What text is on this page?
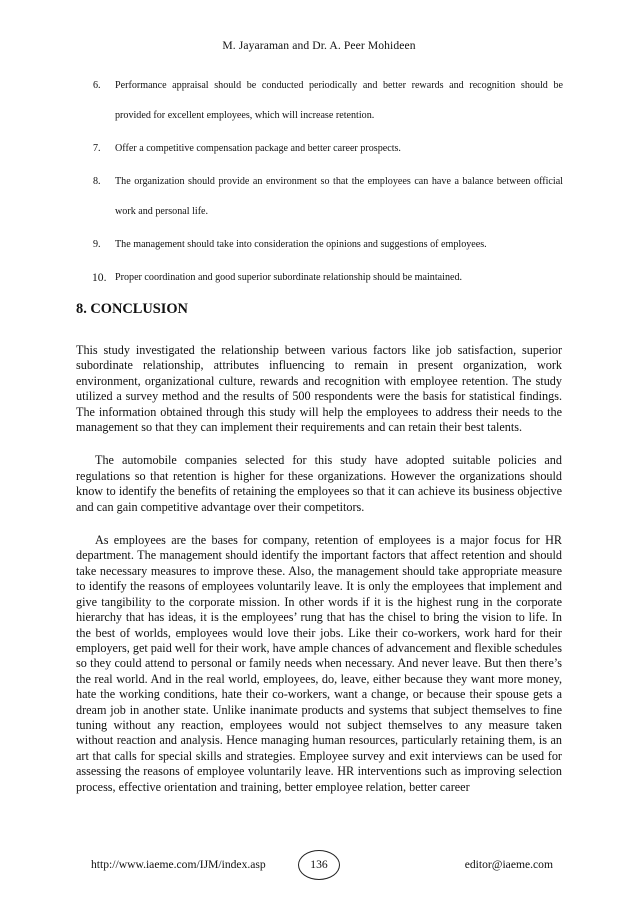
M. Jayaraman and Dr. A. Peer Mohideen
6. Performance appraisal should be conducted periodically and better rewards and recognition should be provided for excellent employees, which will increase retention.
7. Offer a competitive compensation package and better career prospects.
8. The organization should provide an environment so that the employees can have a balance between official work and personal life.
9. The management should take into consideration the opinions and suggestions of employees.
10. Proper coordination and good superior subordinate relationship should be maintained.
8. CONCLUSION

This study investigated the relationship between various factors like job satisfaction, superior subordinate relationship, attributes influencing to remain in present organization, work environment, organizational culture, rewards and recognition with employee retention. The study utilized a survey method and the results of 500 respondents were the basis for statistical findings. The information obtained through this study will help the employees to address their needs to the management so that they can implement their requirements and can retain their best talents.

The automobile companies selected for this study have adopted suitable policies and regulations so that retention is higher for these organizations. However the organizations should know to identify the benefits of retaining the employees so that it can achieve its business objective and can gain competitive advantage over their competitors.

As employees are the bases for company, retention of employees is a major focus for HR department. The management should identify the important factors that affect retention and should take necessary measures to improve these. Also, the management should take appropriate measure to identify the reasons of employees voluntarily leave. It is only the employees that implement and give tangibility to the corporate mission. In other words if it is the highest rung in the corporate hierarchy that has ideas, it is the employees’ rung that has the chisel to bring the vision to life. In the best of worlds, employees would love their jobs. Like their co-workers, work hard for their employers, get paid well for their work, have ample chances of advancement and flexible schedules so they could attend to personal or family needs when necessary. And never leave. But then there’s the real world. And in the real world, employees, do, leave, either because they want more money, hate the working conditions, hate their co-workers, want a change, or because their spouse gets a dream job in another state. Unlike inanimate products and systems that subject themselves to fine tuning without any reaction, employees would not subject themselves to any measure taken without reaction and analysis. Hence managing human resources, particularly retaining them, is an art that calls for special skills and strategies. Employee survey and exit interviews can be used for assessing the reasons of employee voluntarily leave. HR interventions such as improving selection process, effective orientation and training, better employee relation, better career

http://www.iaeme.com/IJM/index.asp	136	editor@iaeme.com
